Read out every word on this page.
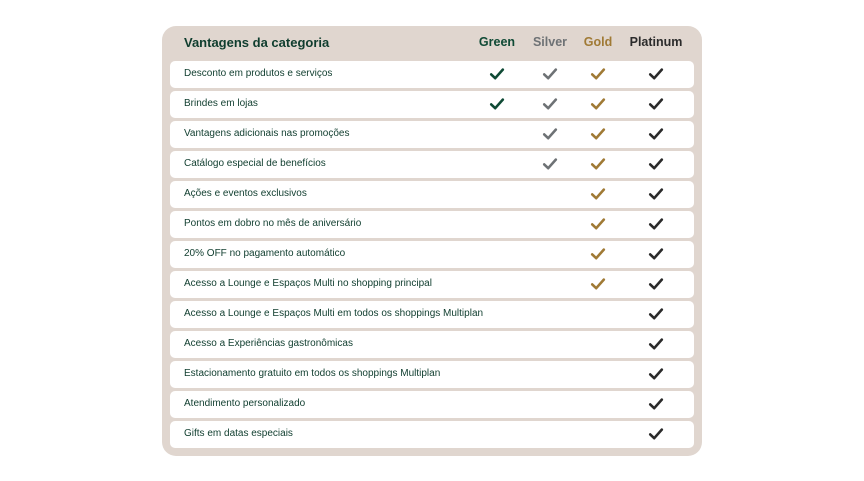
Vantagens da categoria	Green Silver Gold Platinum
Desconto em produtos e serviços
Brindes em lojas
Vantagens adicionais nas promoções
Catálogo especial de benefícios
Ações e eventos exclusivos
Pontos em dobro no mês de aniversário
20% OFF no pagamento automático
Acesso a Lounge e Espaços Multi no shopping principal
Acesso a Lounge e Espaços Multi em todos os shoppings Multiplan
Acesso a Experiências gastronômicas
Estacionamento gratuito em todos os shoppings Multiplan
Atendimento personalizado
Gifts em datas especiais
